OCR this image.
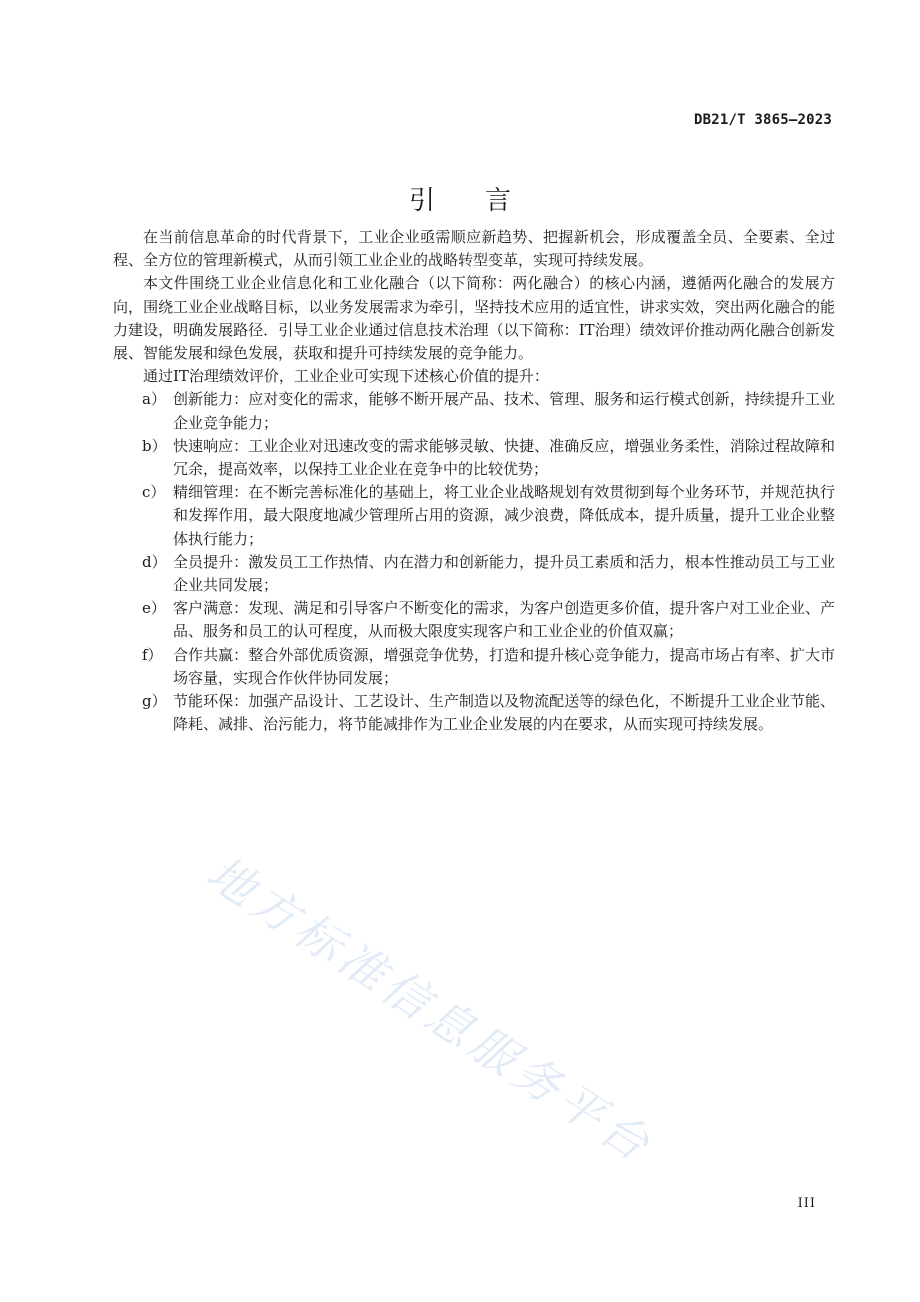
DB21/T 3865—2023
引言

在当前信息革命的时代背景下，工业企业亟需顺应新趋势、把握新机会，形成覆盖全员、全要素、全过程、全方位的管理新模式，从而引领工业企业的战略转型变革，实现可持续发展。

本文件围绕工业企业信息化和工业化融合（以下简称：两化融合）的核心内涵，遵循两化融合的发展方向，围绕工业企业战略目标，以业务发展需求为牵引，坚持技术应用的适宜性，讲求实效，突出两化融合的能力建设，明确发展路径．引导工业企业通过信息技术治理（以下简称：IT治理）绩效评价推动两化融合创新发展、智能发展和绿色发展，获取和提升可持续发展的竞争能力。

通过IT治理绩效评价，工业企业可实现下述核心价值的提升：

a） 创新能力：应对变化的需求，能够不断开展产品、技术、管理、服务和运行模式创新，持续提升工业企业竞争能力；
b） 快速响应：工业企业对迅速改变的需求能够灵敏、快捷、准确反应，增强业务柔性，消除过程故障和冗余，提高效率，以保持工业企业在竞争中的比较优势；
c） 精细管理：在不断完善标准化的基础上，将工业企业战略规划有效贯彻到每个业务环节，并规范执行和发挥作用，最大限度地减少管理所占用的资源，减少浪费，降低成本，提升质量，提升工业企业整体执行能力；
d） 全员提升：激发员工工作热情、内在潜力和创新能力，提升员工素质和活力，根本性推动员工与工业企业共同发展；
e） 客户满意：发现、满足和引导客户不断变化的需求，为客户创造更多价值，提升客户对工业企业、产品、服务和员工的认可程度，从而极大限度实现客户和工业企业的价值双赢；
f） 合作共赢：整合外部优质资源，增强竞争优势，打造和提升核心竞争能力，提高市场占有率、扩大市场容量，实现合作伙伴协同发展；
g） 节能环保：加强产品设计、工艺设计、生产制造以及物流配送等的绿色化，不断提升工业企业节能、降耗、减排、治污能力，将节能减排作为工业企业发展的内在要求，从而实现可持续发展。
地方标准信息服务平台
III
